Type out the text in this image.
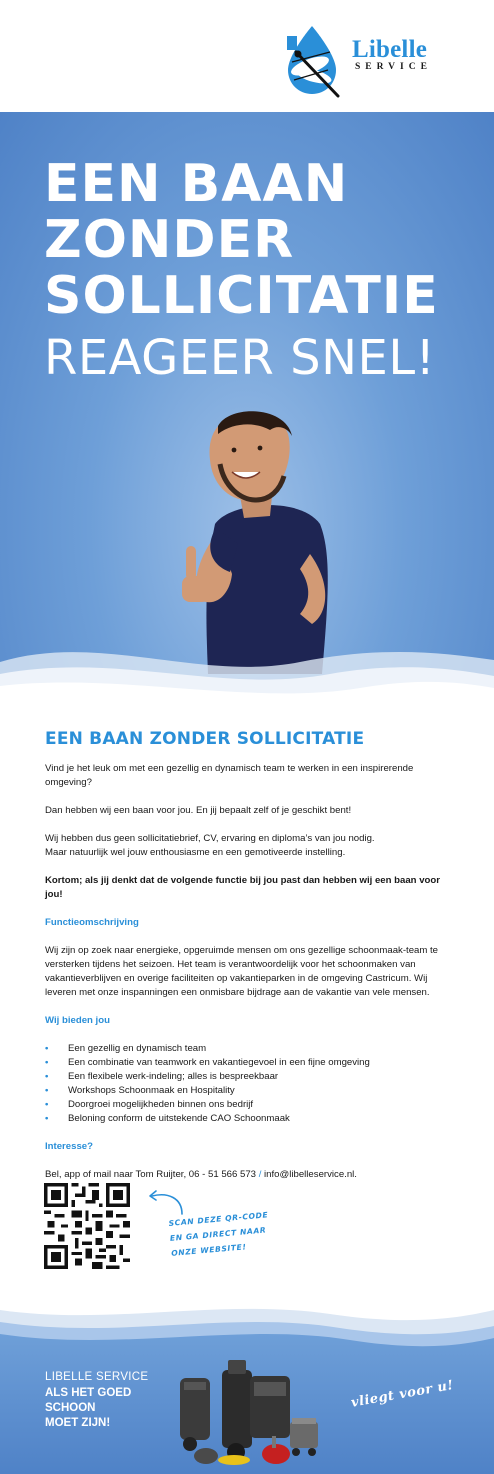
Libelle
SERVICE
EEN BAAN
ZONDER
SOLLICITATIE
REAGEER SNEL!
EEN BAAN ZONDER SOLLICITATIE

Vind je het leuk om met een gezellig en dynamisch team te werken in een inspirerende omgeving?

Dan hebben wij een baan voor jou. En jij bepaalt zelf of je geschikt bent!

Wij hebben dus geen sollicitatiebrief, CV, ervaring en diploma’s van jou nodig.

Maar natuurlijk wel jouw enthousiasme en een gemotiveerde instelling.

Kortom; als jij denkt dat de volgende functie bij jou past dan hebben wij een baan voor jou!

Functieomschrijving

Wij zijn op zoek naar energieke, opgeruimde mensen om ons gezellige schoonmaak-team te versterken tijdens het seizoen. Het team is verantwoordelijk voor het schoonmaken van vakantieverblijven en overige faciliteiten op vakantieparken in de omgeving Castricum. Wij leveren met onze inspanningen een onmisbare bijdrage aan de vakantie van vele mensen.

Wij bieden jou

• Een gezellig en dynamisch team
• Een combinatie van teamwork en vakantiegevoel in een fijne omgeving
• Een flexibele werk-indeling; alles is bespreekbaar
• Workshops Schoonmaak en Hospitality
• Doorgroei mogelijkheden binnen ons bedrijf
• Beloning conform de uitstekende CAO Schoonmaak

Interesse?

Bel, app of mail naar Tom Ruijter, 06 - 51 566 573 / info@libelleservice.nl.

SCAN DEZE QR-CODE
EN GA DIRECT NAAR
ONZE WEBSITE!
LIBELLE SERVICE
ALS HET GOED
SCHOON
MOET ZIJN!
vliegt voor u!
